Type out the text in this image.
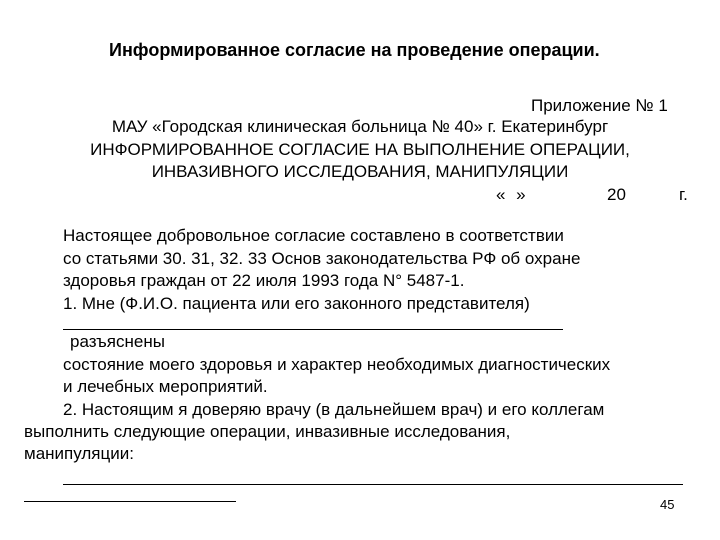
Информированное согласие на проведение операции.
Приложение № 1
МАУ «Городская клиническая больница № 40» г. Екатеринбург
ИНФОРМИРОВАННОЕ СОГЛАСИЕ НА ВЫПОЛНЕНИЕ ОПЕРАЦИИ,
ИНВАЗИВНОГО ИССЛЕДОВАНИЯ, МАНИПУЛЯЦИИ
« »	20	г.
Настоящее добровольное согласие составлено в соответствии
со статьями 30. 31, 32. 33 Основ законодательства РФ об охране
здоровья граждан от 22 июля 1993 года N° 5487-1.
1. Мне (Ф.И.О. пациента или его законного представителя)
разъяснены
состояние моего здоровья и характер необходимых диагностических
и лечебных мероприятий.
2. Настоящим я доверяю врачу (в дальнейшем врач) и его коллегам
выполнить следующие операции, инвазивные исследования,
манипуляции:
45
